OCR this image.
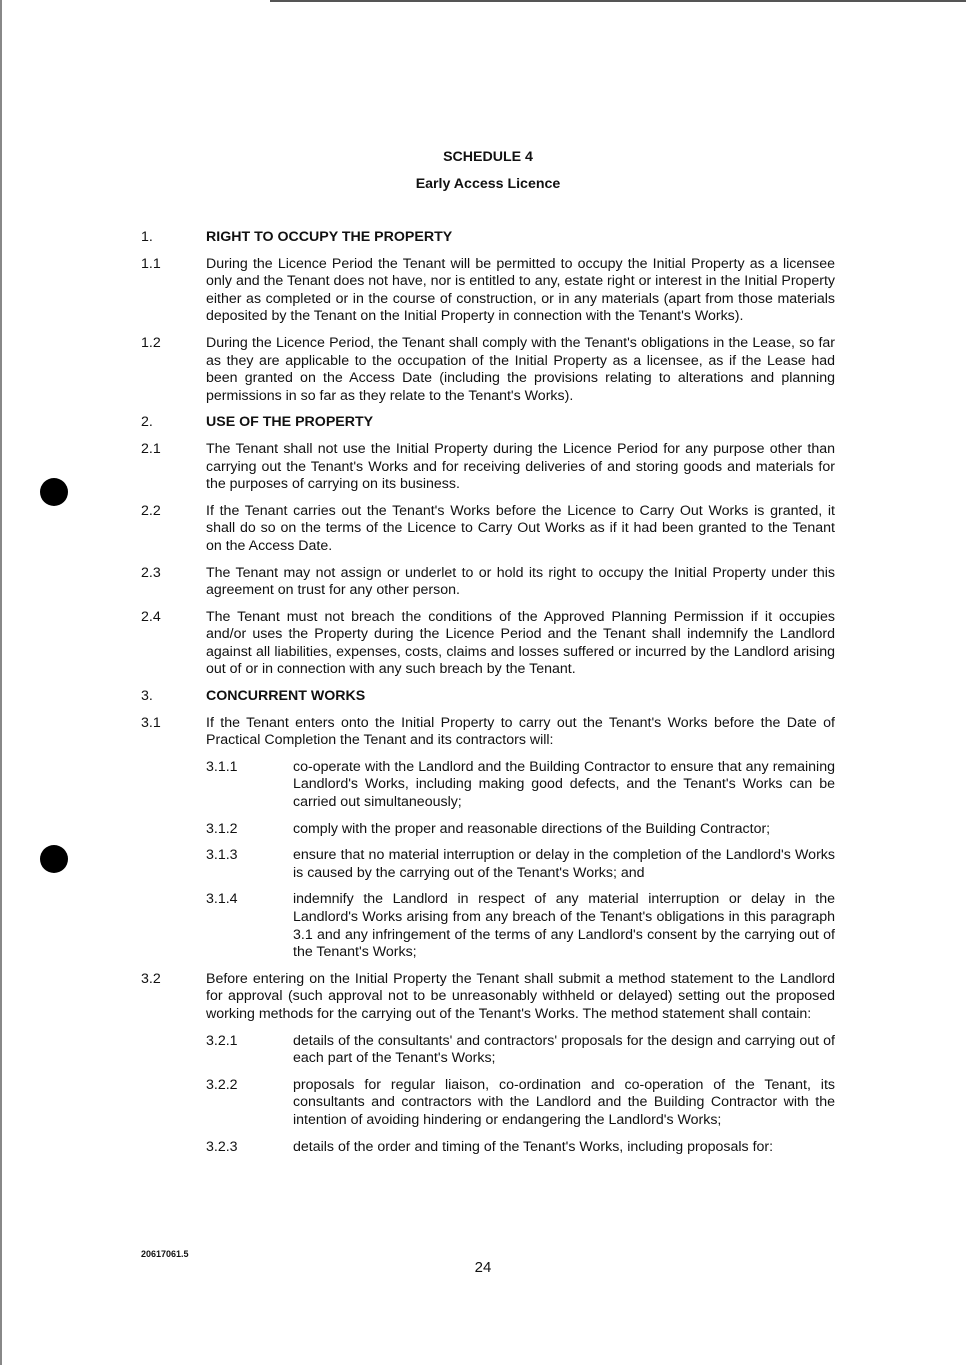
SCHEDULE 4

Early Access Licence

1.	RIGHT TO OCCUPY THE PROPERTY
1.1	During the Licence Period the Tenant will be permitted to occupy the Initial Property as a licensee only and the Tenant does not have, nor is entitled to any, estate right or interest in the Initial Property either as completed or in the course of construction, or in any materials (apart from those materials deposited by the Tenant on the Initial Property in connection with the Tenant's Works).
1.2	During the Licence Period, the Tenant shall comply with the Tenant's obligations in the Lease, so far as they are applicable to the occupation of the Initial Property as a licensee, as if the Lease had been granted on the Access Date (including the provisions relating to alterations and planning permissions in so far as they relate to the Tenant's Works).
2.	USE OF THE PROPERTY
2.1	The Tenant shall not use the Initial Property during the Licence Period for any purpose other than carrying out the Tenant's Works and for receiving deliveries of and storing goods and materials for the purposes of carrying on its business.
2.2	If the Tenant carries out the Tenant's Works before the Licence to Carry Out Works is granted, it shall do so on the terms of the Licence to Carry Out Works as if it had been granted to the Tenant on the Access Date.
2.3	The Tenant may not assign or underlet to or hold its right to occupy the Initial Property under this agreement on trust for any other person.
2.4	The Tenant must not breach the conditions of the Approved Planning Permission if it occupies and/or uses the Property during the Licence Period and the Tenant shall indemnify the Landlord against all liabilities, expenses, costs, claims and losses suffered or incurred by the Landlord arising out of or in connection with any such breach by the Tenant.
3.	CONCURRENT WORKS
3.1	If the Tenant enters onto the Initial Property to carry out the Tenant's Works before the Date of Practical Completion the Tenant and its contractors will:
3.1.1	co-operate with the Landlord and the Building Contractor to ensure that any remaining Landlord's Works, including making good defects, and the Tenant's Works can be carried out simultaneously;
3.1.2	comply with the proper and reasonable directions of the Building Contractor;
3.1.3	ensure that no material interruption or delay in the completion of the Landlord's Works is caused by the carrying out of the Tenant's Works; and
3.1.4	indemnify the Landlord in respect of any material interruption or delay in the Landlord's Works arising from any breach of the Tenant's obligations in this paragraph 3.1 and any infringement of the terms of any Landlord's consent by the carrying out of the Tenant's Works;
3.2	Before entering on the Initial Property the Tenant shall submit a method statement to the Landlord for approval (such approval not to be unreasonably withheld or delayed) setting out the proposed working methods for the carrying out of the Tenant's Works. The method statement shall contain:
3.2.1	details of the consultants' and contractors' proposals for the design and carrying out of each part of the Tenant's Works;
3.2.2	proposals for regular liaison, co-ordination and co-operation of the Tenant, its consultants and contractors with the Landlord and the Building Contractor with the intention of avoiding hindering or endangering the Landlord's Works;
3.2.3	details of the order and timing of the Tenant's Works, including proposals for:
20617061.5
24
